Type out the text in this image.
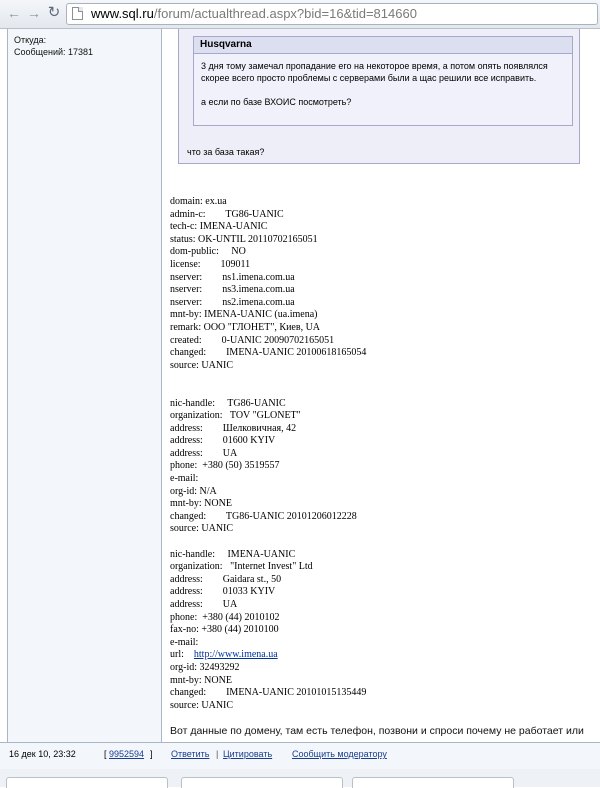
← → ↻ www.sql.ru/forum/actualthread.aspx?bid=16&tid=814660
Откуда:
Сообщений: 17381
Husqvarna
3 дня тому замечал пропадание его на некоторое время, а потом опять появлялся

скорее всего просто проблемы с серверами были а щас решили все исправить.

а если по базе ВХОИС посмотреть?
что за база такая?
domain: ex.ua
admin-c:        TG86-UANIC
tech-c: IMENA-UANIC
status: OK-UNTIL 20110702165051
dom-public:     NO
license:        109011
nserver:        ns1.imena.com.ua
nserver:        ns3.imena.com.ua
nserver:        ns2.imena.com.ua
mnt-by: IMENA-UANIC (ua.imena)
remark: ООО "ГЛОНЕТ", Киев, UA
created:        0-UANIC 20090702165051
changed:        IMENA-UANIC 20100618165054
source: UANIC

nic-handle:     TG86-UANIC
organization:   TOV "GLONET"
address:        Шелковичная, 42
address:        01600 KYIV
address:        UA
phone:  +380 (50) 3519557
e-mail:
org-id: N/A
mnt-by: NONE
changed:        TG86-UANIC 20101206012228
source: UANIC

nic-handle:     IMENA-UANIC
organization:   "Internet Invest" Ltd
address:        Gaidara st., 50
address:        01033 KYIV
address:        UA
phone:  +380 (44) 2010102
fax-no: +380 (44) 2010100
e-mail:
url:    http://www.imena.ua
org-id: 32493292
mnt-by: NONE
changed:        IMENA-UANIC 20101015135449
source: UANIC
Вот данные по домену, там есть телефон, позвони и спроси почему не работает или
16 дек 10, 23:32	[ 9952594 ] Ответить | Цитировать Сообщить модератору
